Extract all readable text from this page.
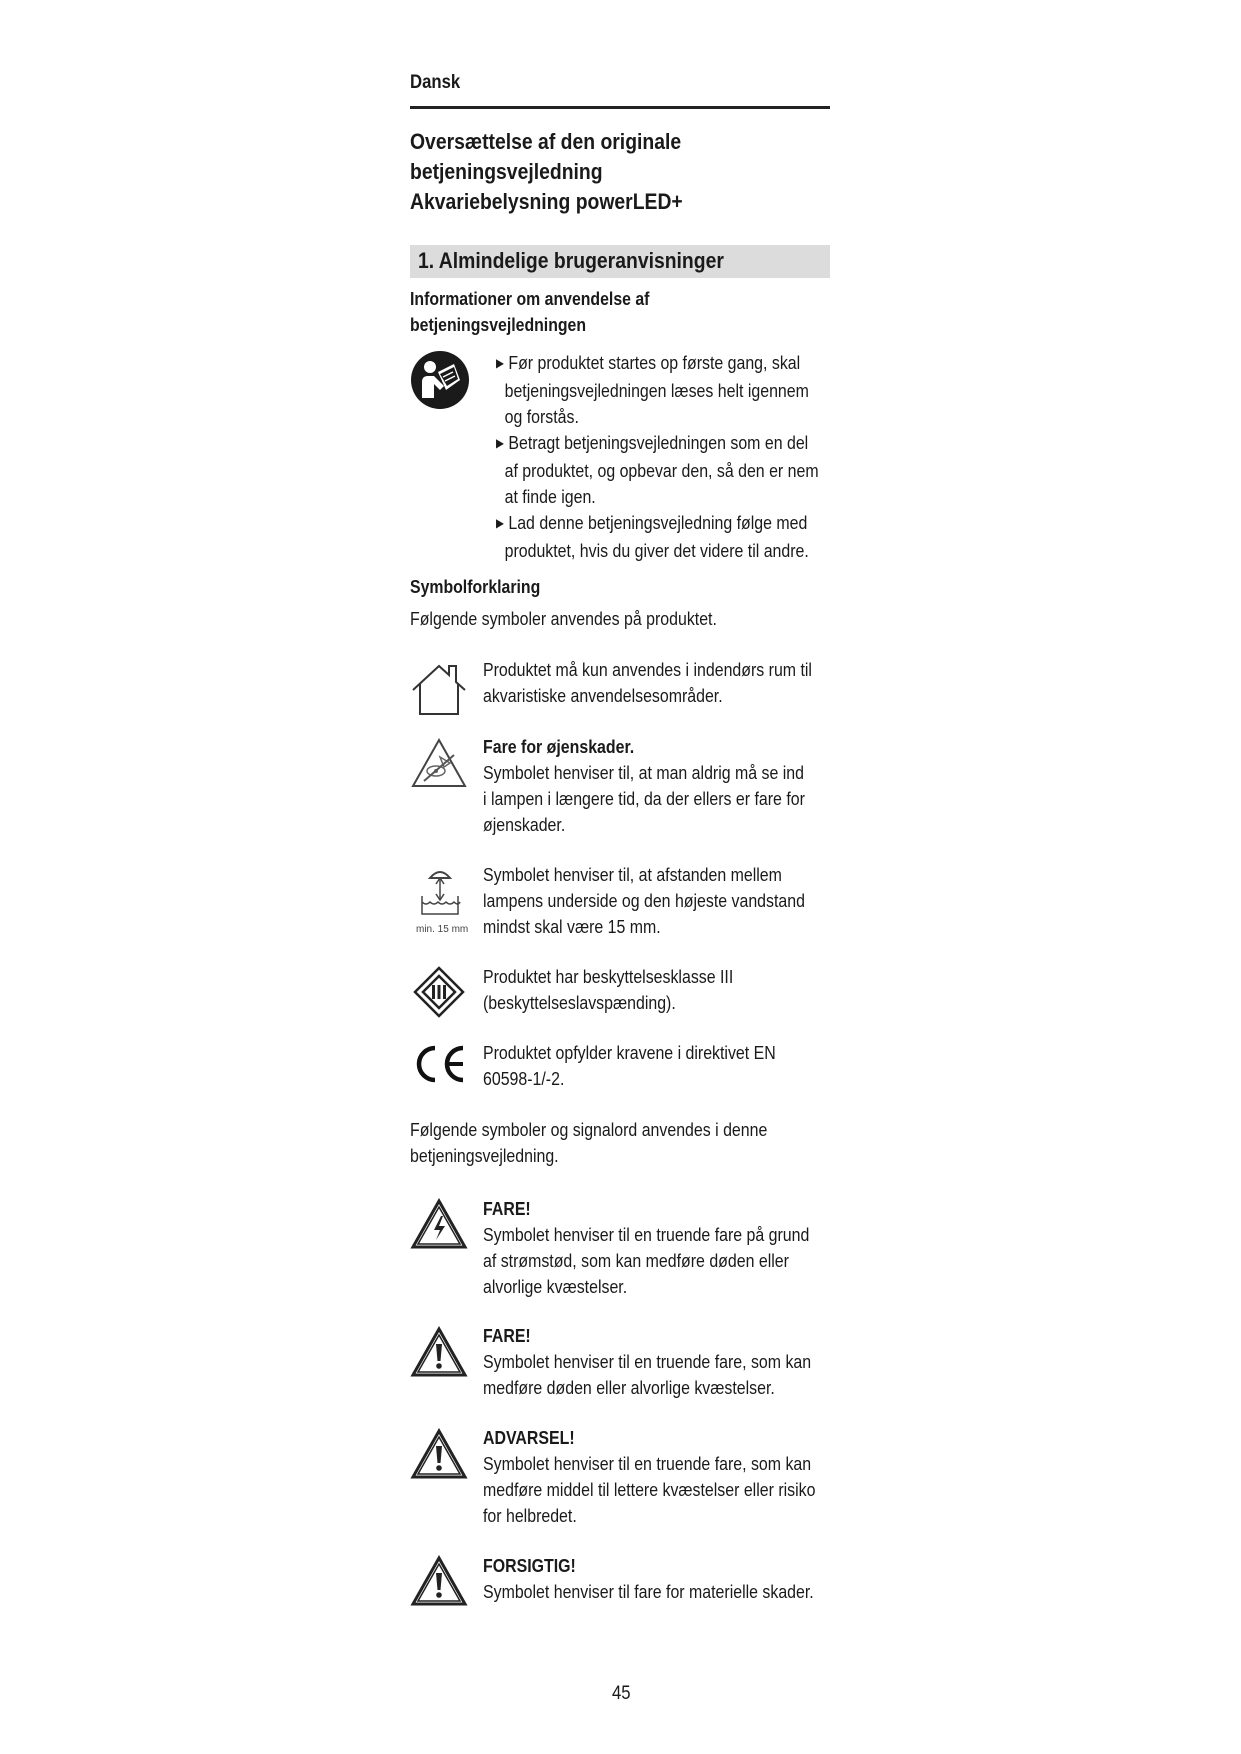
Dansk
Oversættelse af den originale
betjeningsvejledning
Akvariebelysning powerLED+
1. Almindelige brugeranvisninger
Informationer om anvendelse af
betjeningsvejledningen
▶ Før produktet startes op første gang, skal
betjeningsvejledningen læses helt igennem
og forstås.
▶ Betragt betjeningsvejledningen som en del
af produktet, og opbevar den, så den er nem
at finde igen.
▶ Lad denne betjeningsvejledning følge med
produktet, hvis du giver det videre til andre.
Symbolforklaring
Følgende symboler anvendes på produktet.
Produktet må kun anvendes i indendørs rum til
akvaristiske anvendelsesområder.
Fare for øjenskader.
Symbolet henviser til, at man aldrig må se ind
i lampen i længere tid, da der ellers er fare for
øjenskader.
min. 15 mm
Symbolet henviser til, at afstanden mellem
lampens underside og den højeste vandstand
mindst skal være 15 mm.
Produktet har beskyttelsesklasse III
(beskyttelseslavspænding).
Produktet opfylder kravene i direktivet EN
60598-1/-2.
Følgende symboler og signalord anvendes i denne
betjeningsvejledning.
FARE!
Symbolet henviser til en truende fare på grund
af strømstød, som kan medføre døden eller
alvorlige kvæstelser.
FARE!
Symbolet henviser til en truende fare, som kan
medføre døden eller alvorlige kvæstelser.
ADVARSEL!
Symbolet henviser til en truende fare, som kan
medføre middel til lettere kvæstelser eller risiko
for helbredet.
FORSIGTIG!
Symbolet henviser til fare for materielle skader.
45
